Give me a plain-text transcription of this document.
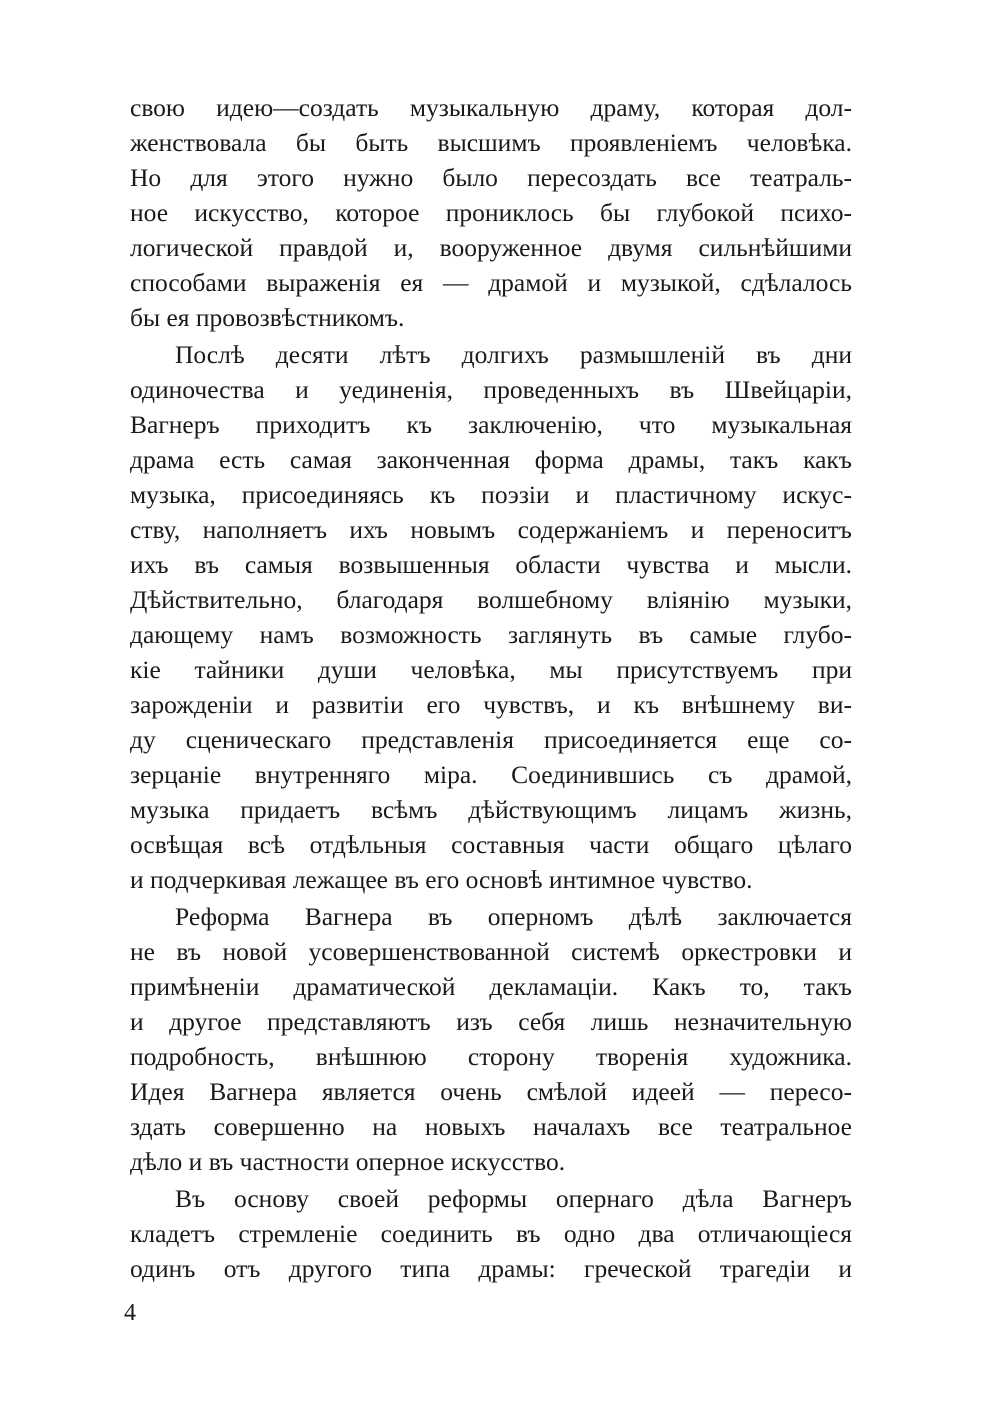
свою идею—создать музыкальную драму, которая дол-
женствовала бы быть высшимъ проявленіемъ человѣка.
Но для этого нужно было пересоздать все театраль-
ное искусство, которое прониклось бы глубокой психо-
логической правдой и, вооруженное двумя сильнѣйшими
способами выраженія ея — драмой и музыкой, сдѣлалось
бы ея провозвѣстникомъ.
Послѣ десяти лѣтъ долгихъ размышленій въ дни
одиночества и уединенія, проведенныхъ въ Швейцаріи,
Вагнеръ приходитъ къ заключенію, что музыкальная
драма есть самая законченная форма драмы, такъ какъ
музыка, присоединяясь къ поэзіи и пластичному искус-
ству, наполняетъ ихъ новымъ содержаніемъ и переноситъ
ихъ въ самыя возвышенныя области чувства и мысли.
Дѣйствительно, благодаря волшебному вліянію музыки,
дающему намъ возможность заглянуть въ самые глубо-
кіе тайники души человѣка, мы присутствуемъ при
зарожденіи и развитіи его чувствъ, и къ внѣшнему ви-
ду сценическаго представленія присоединяется еще со-
зерцаніе внутренняго міра. Соединившись съ драмой,
музыка придаетъ всѣмъ дѣйствующимъ лицамъ жизнь,
освѣщая всѣ отдѣльныя составныя части общаго цѣлаго
и подчеркивая лежащее въ его основѣ интимное чувство.
Реформа Вагнера въ оперномъ дѣлѣ заключается
не въ новой усовершенствованной системѣ оркестровки и
примѣненіи драматической декламаціи. Какъ то, такъ
и другое представляютъ изъ себя лишь незначительную
подробность, внѣшнюю сторону творенія художника.
Идея Вагнера является очень смѣлой идеей — пересо-
здать совершенно на новыхъ началахъ все театральное
дѣло и въ частности оперное искусство.
Въ основу своей реформы опернаго дѣла Вагнеръ
кладетъ стремленіе соединить въ одно два отличающіеся
одинъ отъ другого типа драмы: греческой трагедіи и
4
